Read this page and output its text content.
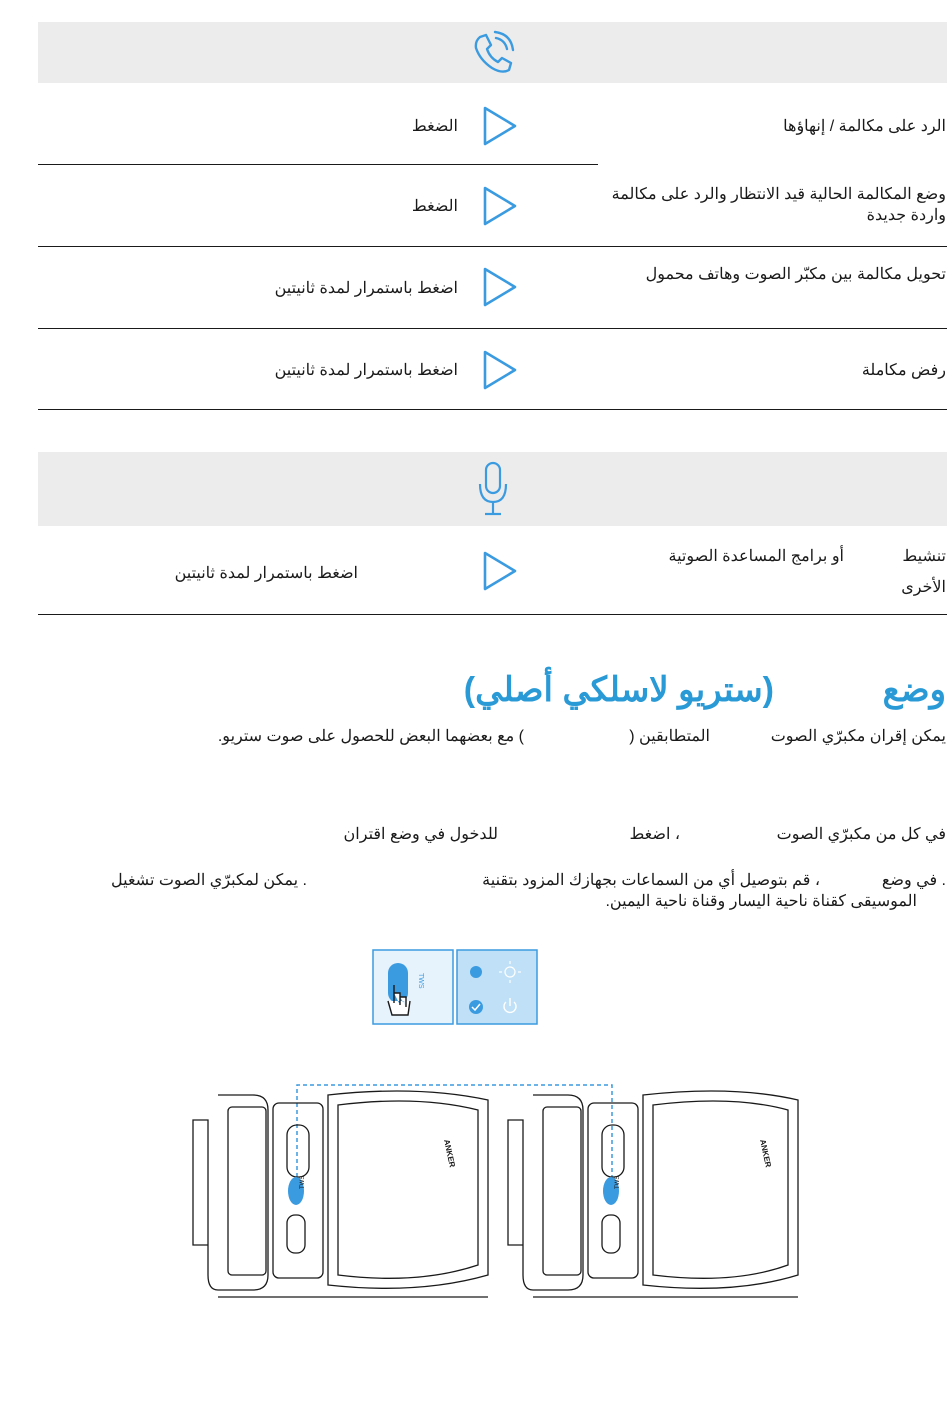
الرد على مكالمة / إنهاؤها
الضغط
وضع المكالمة الحالية قيد الانتظار والرد على مكالمة واردة جديدة
الضغط
تحويل مكالمة بين مكبّر الصوت وهاتف محمول
اضغط باستمرار لمدة ثانيتين
رفض مكاملة
اضغط باستمرار لمدة ثانيتين
تنشيط
أو برامج المساعدة الصوتية
الأخرى
اضغط باستمرار لمدة ثانيتين
وضع
(ستريو لاسلكي أصلي)
يمكن إقران مكبرّي الصوت
المتطابقين (
) مع بعضهما البعض للحصول على صوت ستريو.
في كل من مكبرّي الصوت
، اضغط
للدخول في وضع اقتران
. في وضع
، قم بتوصيل أي من السماعات بجهازك المزود بتقنية
. يمكن لمكبرّي الصوت تشغيل
الموسيقى كقناة ناحية اليسار وقناة ناحية اليمين.
TWS
ANKER	ANKER
TWS	TWS
